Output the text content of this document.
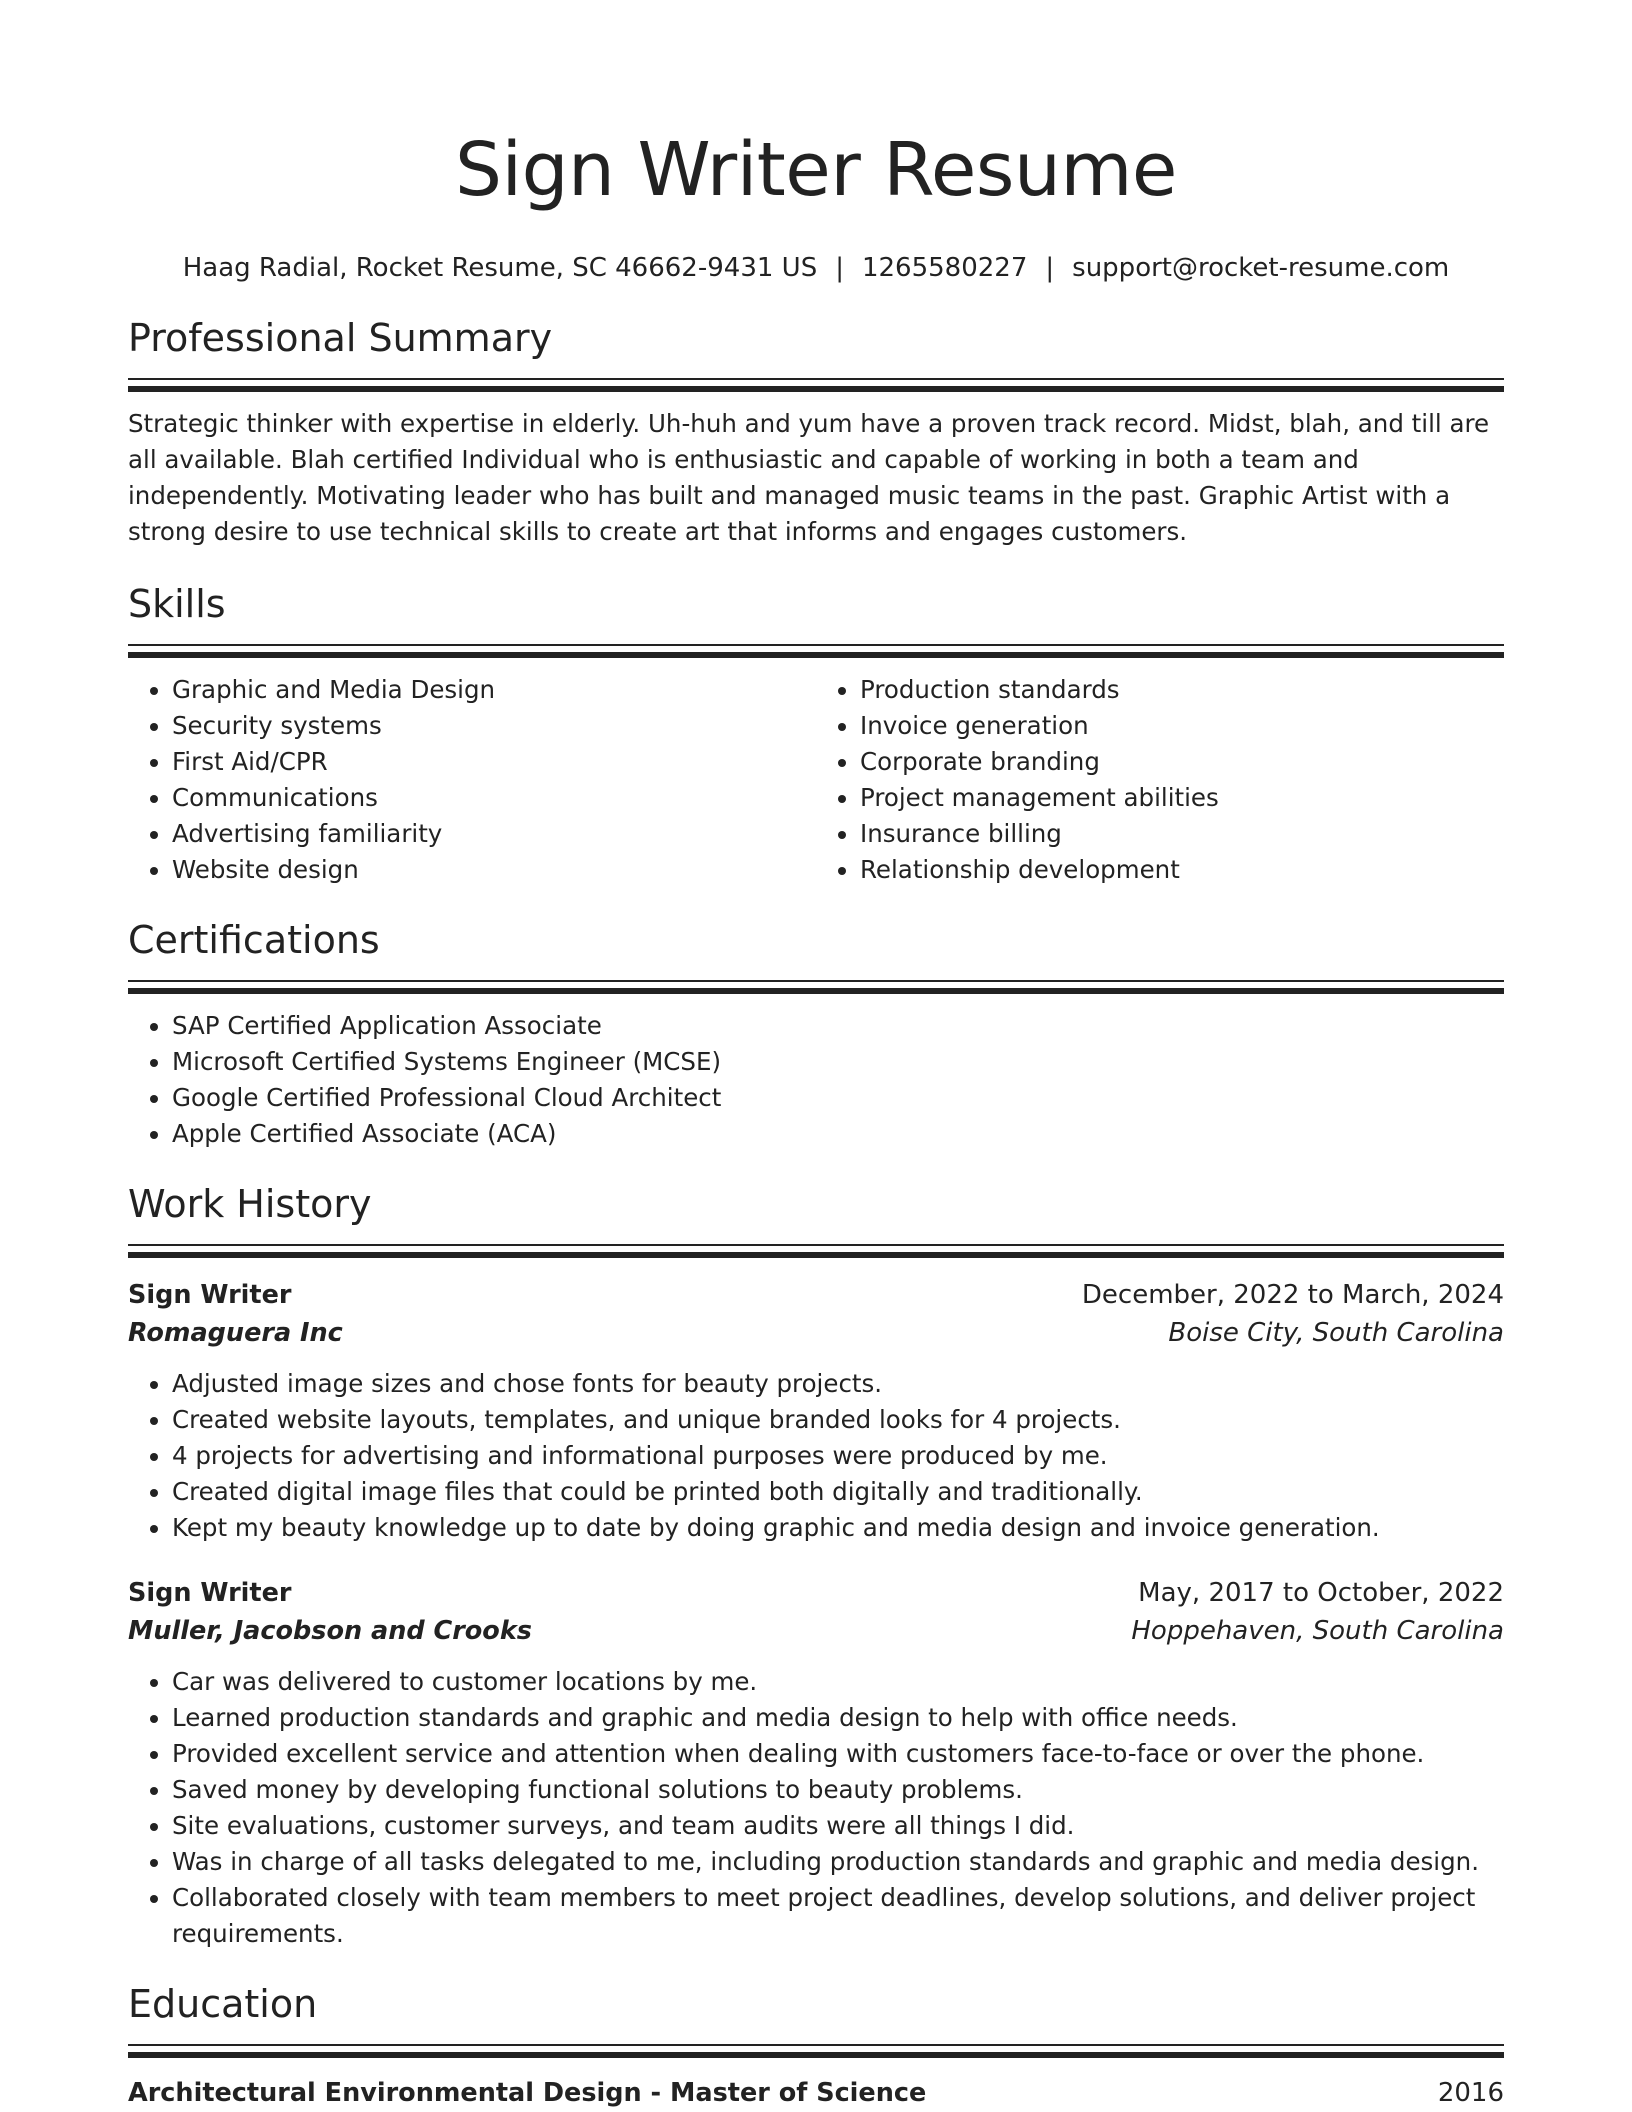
Sign Writer Resume
Haag Radial, Rocket Resume, SC 46662-9431 US | 1265580227 | support@rocket-resume.com
Professional Summary
Strategic thinker with expertise in elderly. Uh-huh and yum have a proven track record. Midst, blah, and till are all available. Blah certified Individual who is enthusiastic and capable of working in both a team and independently. Motivating leader who has built and managed music teams in the past. Graphic Artist with a strong desire to use technical skills to create art that informs and engages customers.
Skills
• Graphic and Media Design
• Security systems
• First Aid/CPR
• Communications
• Advertising familiarity
• Website design
• Production standards
• Invoice generation
• Corporate branding
• Project management abilities
• Insurance billing
• Relationship development
Certifications
• SAP Certified Application Associate
• Microsoft Certified Systems Engineer (MCSE)
• Google Certified Professional Cloud Architect
• Apple Certified Associate (ACA)
Work History
Sign Writer	December, 2022 to March, 2024
Romaguera Inc	Boise City, South Carolina
• Adjusted image sizes and chose fonts for beauty projects.
• Created website layouts, templates, and unique branded looks for 4 projects.
• 4 projects for advertising and informational purposes were produced by me.
• Created digital image files that could be printed both digitally and traditionally.
• Kept my beauty knowledge up to date by doing graphic and media design and invoice generation.
Sign Writer	May, 2017 to October, 2022
Muller, Jacobson and Crooks	Hoppehaven, South Carolina
• Car was delivered to customer locations by me.
• Learned production standards and graphic and media design to help with office needs.
• Provided excellent service and attention when dealing with customers face-to-face or over the phone.
• Saved money by developing functional solutions to beauty problems.
• Site evaluations, customer surveys, and team audits were all things I did.
• Was in charge of all tasks delegated to me, including production standards and graphic and media design.
• Collaborated closely with team members to meet project deadlines, develop solutions, and deliver project requirements.
Education
Architectural Environmental Design - Master of Science	2016
